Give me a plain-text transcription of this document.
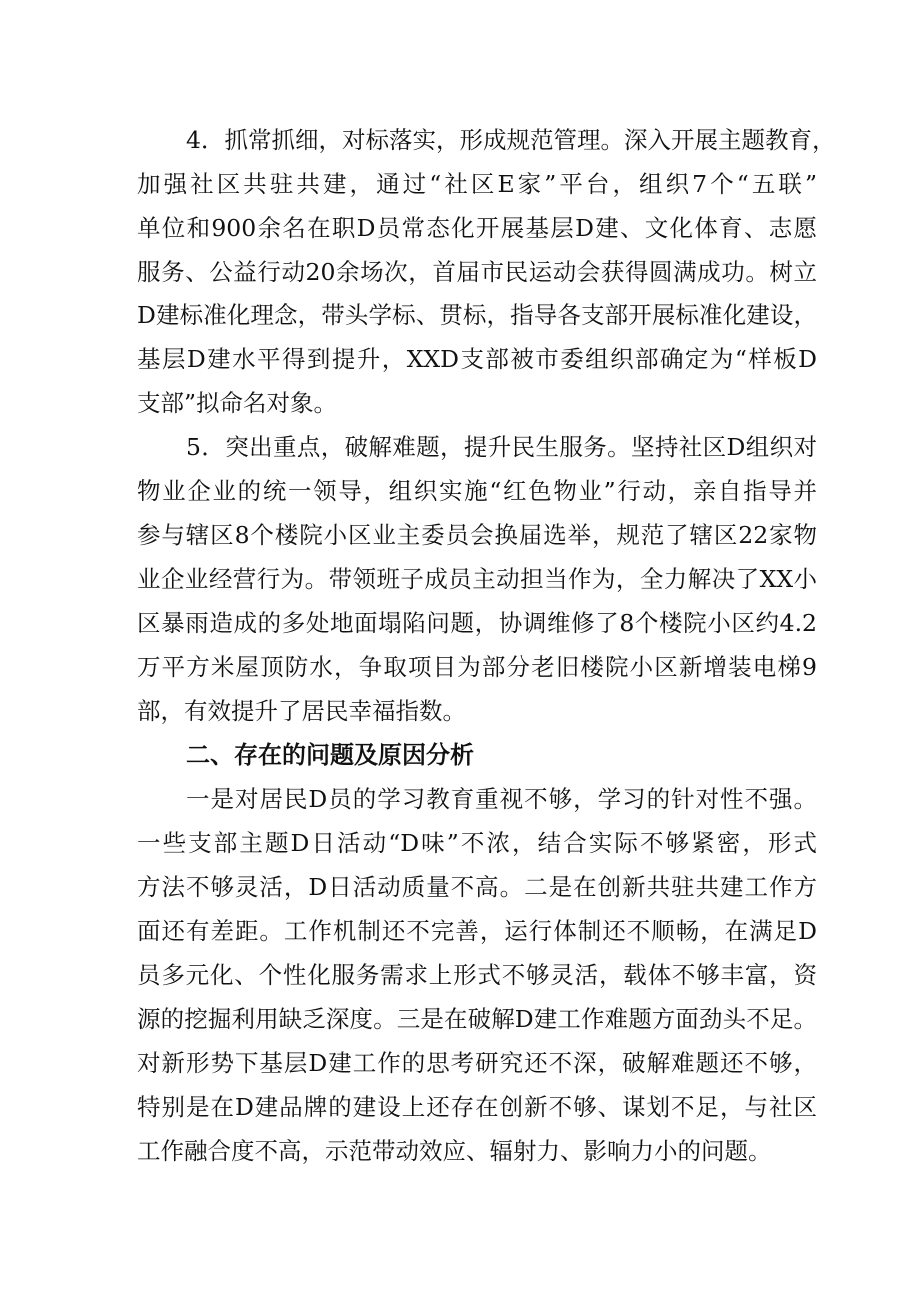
4．抓常抓细，对标落实，形成规范管理。深入开展主题教育，

加强社区共驻共建，通过“社区E家”平台，组织7个“五联”

单位和900余名在职D员常态化开展基层D建、文化体育、志愿

服务、公益行动20余场次，首届市民运动会获得圆满成功。树立

D建标准化理念，带头学标、贯标，指导各支部开展标准化建设，

基层D建水平得到提升，XXD支部被市委组织部确定为“样板D

支部”拟命名对象。

5．突出重点，破解难题，提升民生服务。坚持社区D组织对

物业企业的统一领导，组织实施“红色物业”行动，亲自指导并

参与辖区8个楼院小区业主委员会换届选举，规范了辖区22家物

业企业经营行为。带领班子成员主动担当作为，全力解决了XX小

区暴雨造成的多处地面塌陷问题，协调维修了8个楼院小区约4.2

万平方米屋顶防水，争取项目为部分老旧楼院小区新增装电梯9

部，有效提升了居民幸福指数。

二、存在的问题及原因分析

一是对居民D员的学习教育重视不够，学习的针对性不强。

一些支部主题D日活动“D味”不浓，结合实际不够紧密，形式

方法不够灵活，D日活动质量不高。二是在创新共驻共建工作方

面还有差距。工作机制还不完善，运行体制还不顺畅，在满足D

员多元化、个性化服务需求上形式不够灵活，载体不够丰富，资

源的挖掘利用缺乏深度。三是在破解D建工作难题方面劲头不足。

对新形势下基层D建工作的思考研究还不深，破解难题还不够，

特别是在D建品牌的建设上还存在创新不够、谋划不足，与社区

工作融合度不高，示范带动效应、辐射力、影响力小的问题。
